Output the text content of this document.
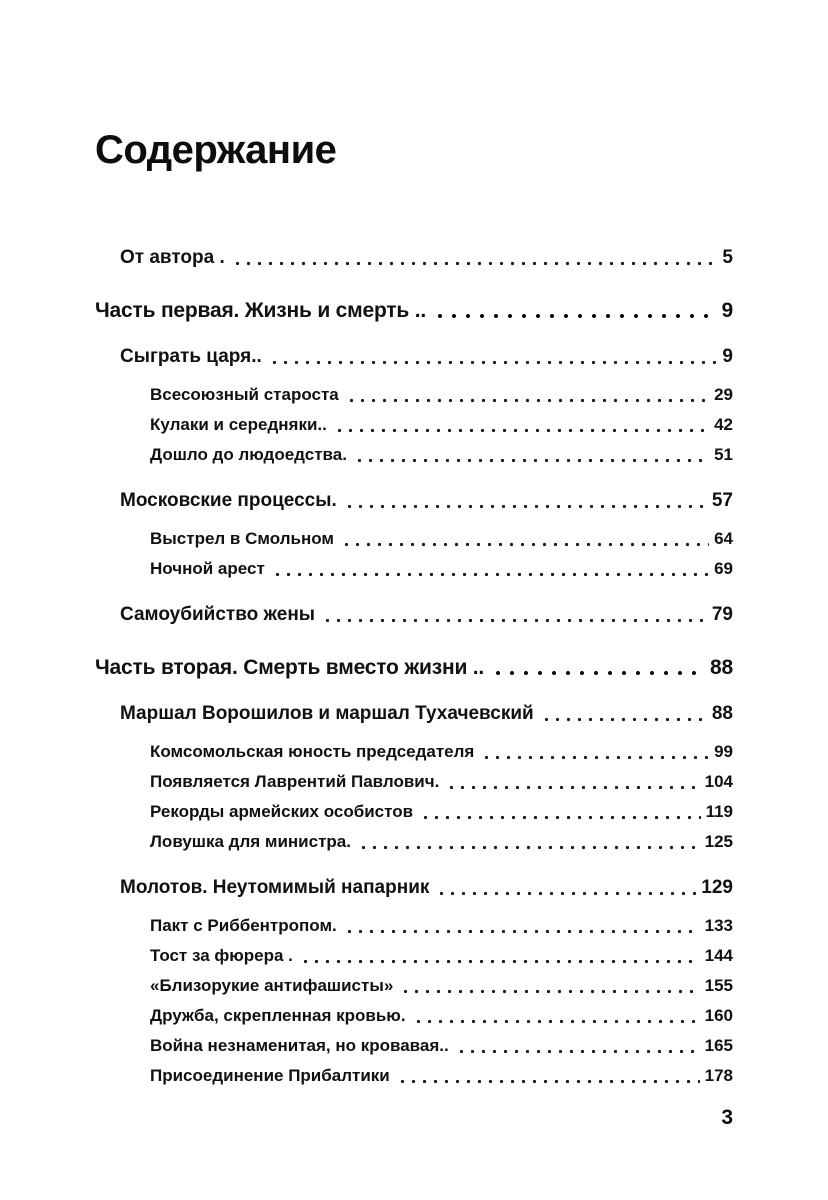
Содержание
От автора .	5
Часть первая. Жизнь и смерть ..	9
Сыграть царя..	9
Всесоюзный староста	29
Кулаки и середняки..	42
Дошло до людоедства.	51
Московские процессы.	57
Выстрел в Смольном	64
Ночной арест	69
Самоубийство жены	79
Часть вторая. Смерть вместо жизни ..	88
Маршал Ворошилов и маршал Тухачевский	88
Комсомольская юность председателя	99
Появляется Лаврентий Павлович.	104
Рекорды армейских особистов	119
Ловушка для министра.	125
Молотов. Неутомимый напарник	129
Пакт с Риббентропом.	133
Тост за фюрера .	144
«Близорукие антифашисты»	155
Дружба, скрепленная кровью.	160
Война незнаменитая, но кровавая..	165
Присоединение Прибалтики	178
3
